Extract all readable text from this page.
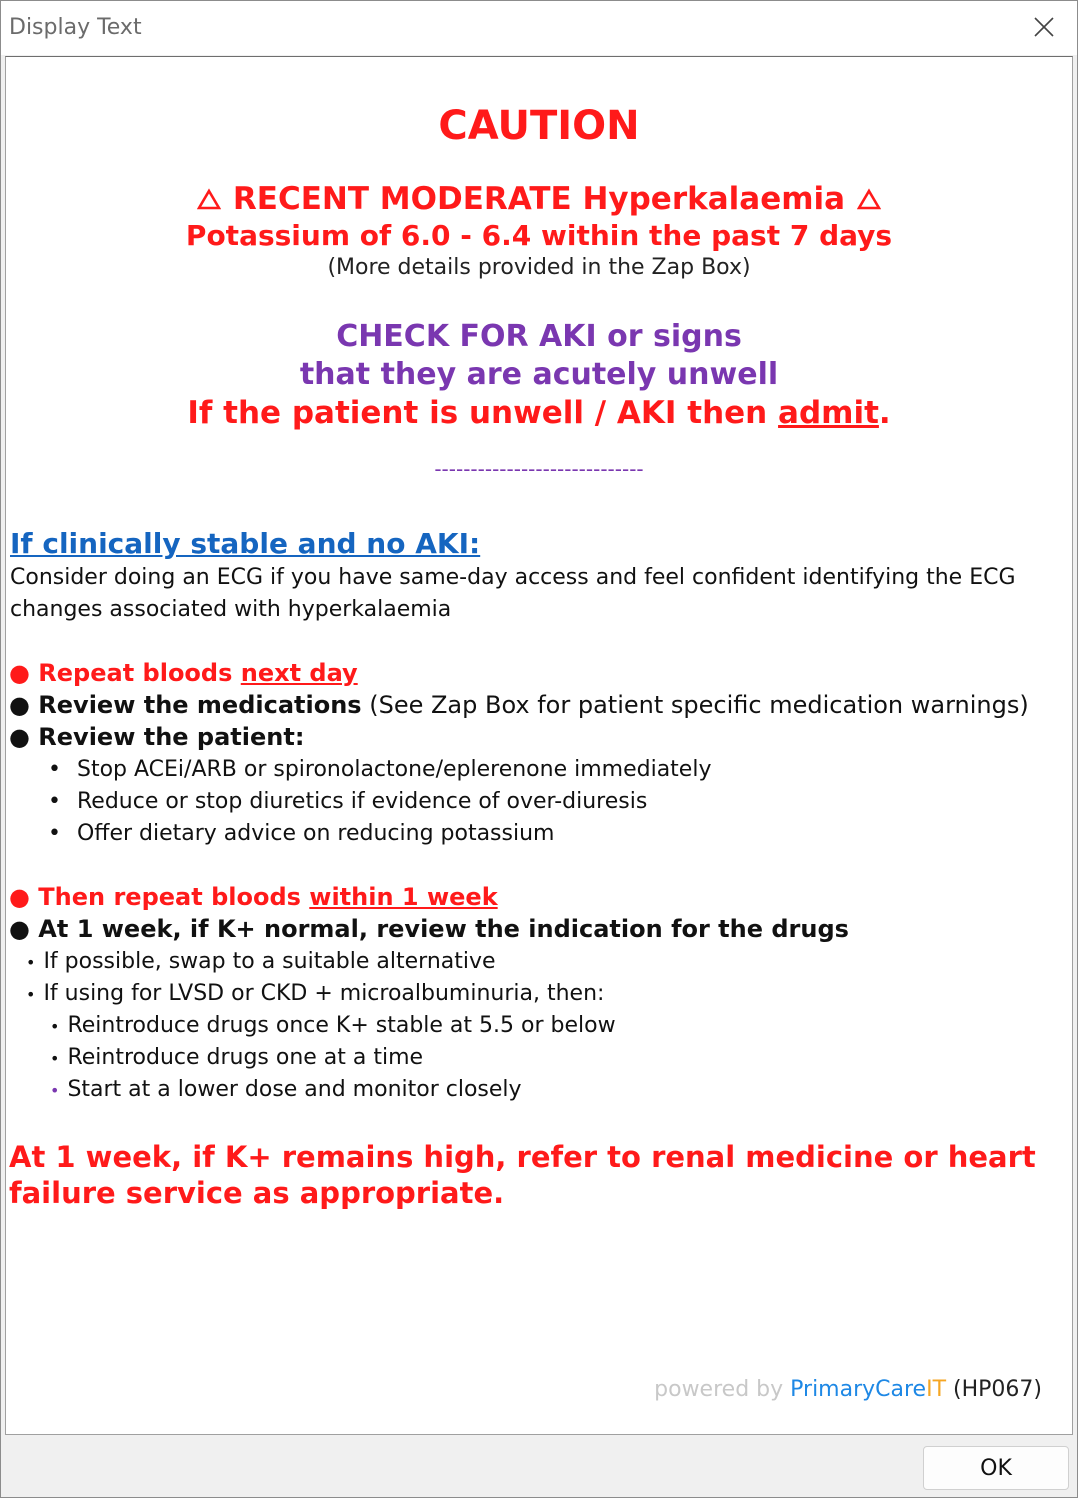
Display Text
CAUTION
RECENT MODERATE Hyperkalaemia
Potassium of 6.0 - 6.4 within the past 7 days
(More details provided in the Zap Box)
CHECK FOR AKI or signs
that they are acutely unwell
If the patient is unwell / AKI then admit.
-----------------------------
If clinically stable and no AKI:
Consider doing an ECG if you have same-day access and feel confident identifying the ECG
changes associated with hyperkalaemia
● Repeat bloods next day
● Review the medications (See Zap Box for patient specific medication warnings)
● Review the patient:
• Stop ACEi/ARB or spironolactone/eplerenone immediately
• Reduce or stop diuretics if evidence of over-diuresis
• Offer dietary advice on reducing potassium
● Then repeat bloods within 1 week
● At 1 week, if K+ normal, review the indication for the drugs
• If possible, swap to a suitable alternative
• If using for LVSD or CKD + microalbuminuria, then:
• Reintroduce drugs once K+ stable at 5.5 or below
• Reintroduce drugs one at a time
• Start at a lower dose and monitor closely
At 1 week, if K+ remains high, refer to renal medicine or heart failure service as appropriate.
powered by PrimaryCareIT (HP067)
OK
